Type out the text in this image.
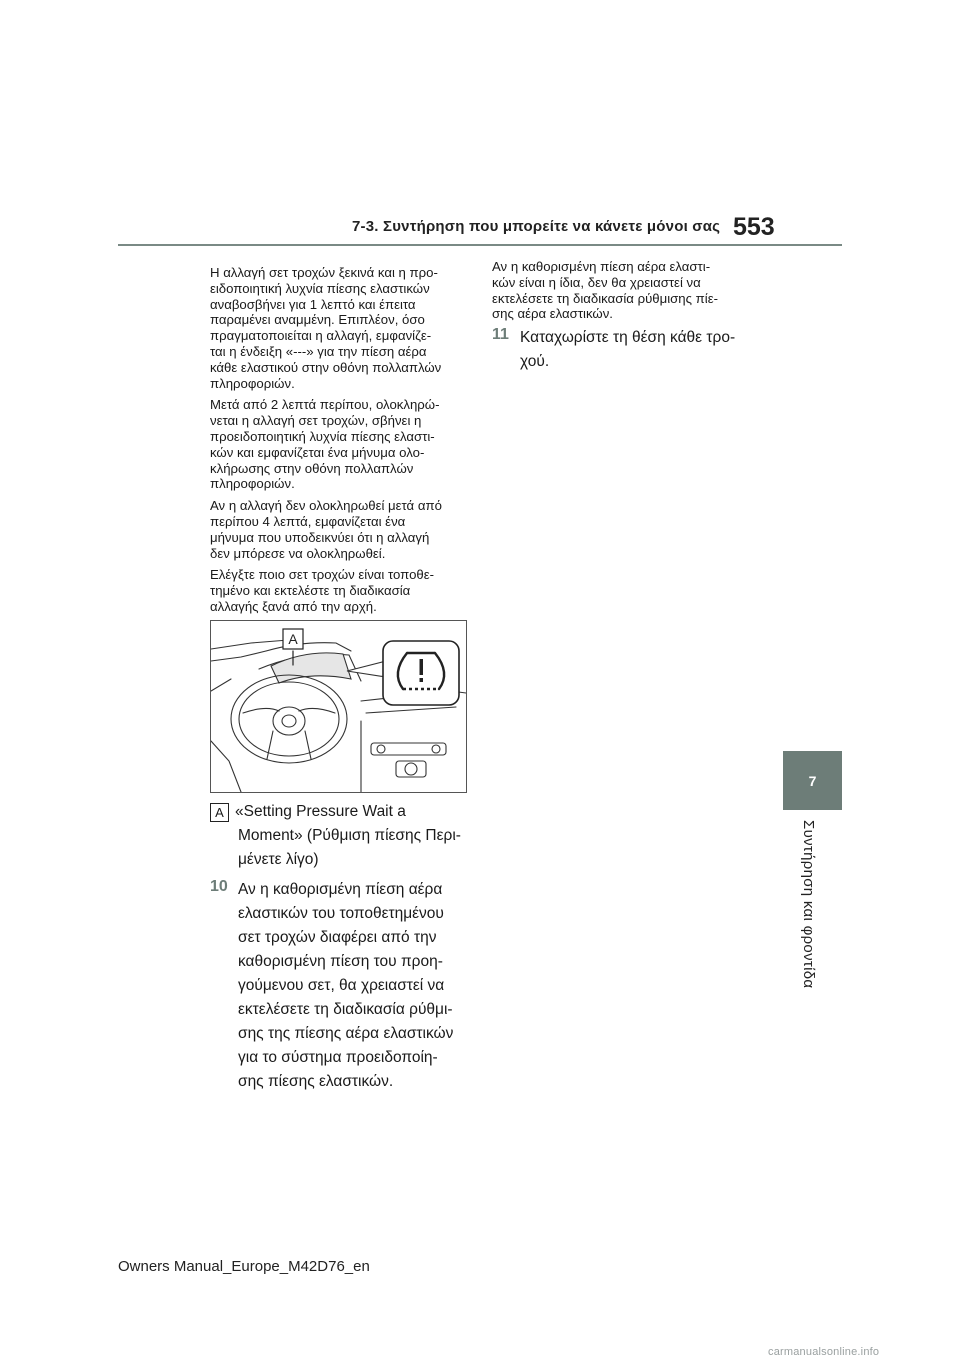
7-3. Συντήρηση που μπορείτε να κάνετε μόνοι σας 553
7
Συντήρηση και φροντίδα

Η αλλαγή σετ τροχών ξεκινά και η προ-
ειδοποιητική λυχνία πίεσης ελαστικών
αναβοσβήνει για 1 λεπτό και έπειτα
παραμένει αναμμένη. Επιπλέον, όσο
πραγματοποιείται η αλλαγή, εμφανίζε-
ται η ένδειξη «---» για την πίεση αέρα
κάθε ελαστικού στην οθόνη πολλαπλών
πληροφοριών.

Μετά από 2 λεπτά περίπου, ολοκληρώ-
νεται η αλλαγή σετ τροχών, σβήνει η
προειδοποιητική λυχνία πίεσης ελαστι-
κών και εμφανίζεται ένα μήνυμα ολο-
κλήρωσης στην οθόνη πολλαπλών
πληροφοριών.

Αν η αλλαγή δεν ολοκληρωθεί μετά από
περίπου 4 λεπτά, εμφανίζεται ένα
μήνυμα που υποδεικνύει ότι η αλλαγή
δεν μπόρεσε να ολοκληρωθεί.

Ελέγξτε ποιο σετ τροχών είναι τοποθε-
τημένο και εκτελέστε τη διαδικασία
αλλαγής ξανά από την αρχή.

A
A «Setting Pressure Wait a
Moment» (Ρύθμιση πίεσης Περι-
μένετε λίγο)
10 Αν η καθορισμένη πίεση αέρα
ελαστικών του τοποθετημένου
σετ τροχών διαφέρει από την
καθορισμένη πίεση του προη-
γούμενου σετ, θα χρειαστεί να
εκτελέσετε τη διαδικασία ρύθμι-
σης της πίεσης αέρα ελαστικών
για το σύστημα προειδοποίη-
σης πίεσης ελαστικών.

Αν η καθορισμένη πίεση αέρα ελαστι-
κών είναι η ίδια, δεν θα χρειαστεί να
εκτελέσετε τη διαδικασία ρύθμισης πίε-
σης αέρα ελαστικών.

11 Καταχωρίστε τη θέση κάθε τρο-
χού.
Owners Manual_Europe_M42D76_en
carmanualsonline.info
